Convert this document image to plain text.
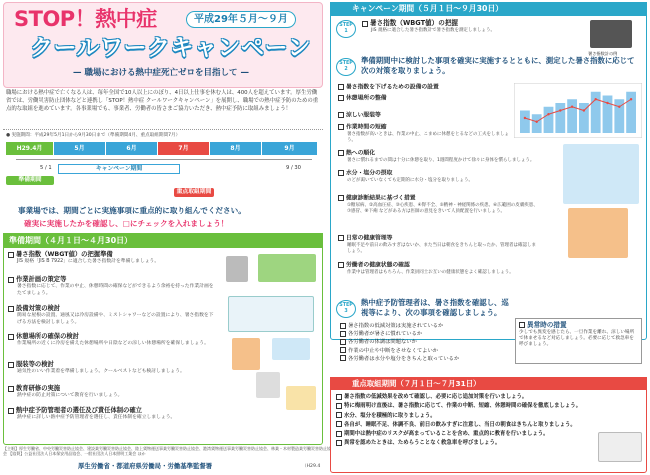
STOP！熱中症	平成29年５月〜９月
クールワークキャンペーン
— 職場における熱中症死亡ゼロを目指して —
職場における熱中症で亡くなる人は、毎年全国で10人以上にのぼり、4日以上仕事を休む人は、400人を超えています。厚生労働省では、労働災害防止団体などと連携し「STOP！熱中症 クールワークキャンペーン」を展開し、職場での熱中症予防のための重点的な取組を進めています。各事業場でも、事業者、労働者の皆さまご協力いただき、熱中症予防に取組みましょう！
● 実施期間：平成29年5月1日から9月30日まで（準備期間4月、重点取組期間7月）
H29.4月	5月	6月	7月	8月	9月
5 / 1	キャンペーン期間	9 / 30
準備期間
重点取組期間
事業場では、期間ごとに実施事項に重点的に取り組んでください。
確実に実施したかを確認し、□にチェックを入れましょう！
準備期間（４月１日〜４月30日）
暑さ指数（WBGT値）の把握準備
JIS 規格「JIS B 7922」に適合した暑さ指数計を準備しましょう。
作業計画の策定等
暑さ指数に応じて、作業の中止、休憩時間の確保などができるよう余裕を持った作業計画をたてましょう。
設備対策の検討
簡易な屋根の設置、通風又は冷房設備や、ミストシャワーなどの設置により、暑さ指数を下げる方法を検討しましょう。
休憩場所の確保の検討
作業場所の近くに冷房を備えた休憩場所や日陰などの涼しい休憩場所を確保しましょう。
服装等の検討
通気性のいい作業着を準備しましょう。クールベストなども検討しましょう。
教育研修の実施
熱中症の防止対策について教育を行いましょう。
熱中症予防管理者の選任及び責任体制の確立
熱中症に詳しい熱中症予防管理者を選任し、責任体制を確立しましょう。
【主唱】厚生労働省、中央労働災害防止協会、建設業労働災害防止協会、陸上貨物運送事業労働災害防止協会、港湾貨物運送事業労働災害防止協会、林業・木材製造業労働災害防止協会 【協賛】公益社団法人日本保安用品協会、一般社団法人日本照明工業会 ほか
厚生労働省・都道府県労働局・労働基準監督署	（H29.4
キャンペーン期間（５月１日〜９月30日）
STEP 1
暑さ指数（WBGT値）の把握
JIS 規格に適合した暑さ指数計で暑さ指数を測定しましょう。
暑さ指数計の例
STEP 2
準備期間中に検討した事項を確実に実施するとともに、測定した暑さ指数に応じて次の対策を取りましょう。
暑さ指数を下げるための設備の設置
休憩場所の整備
涼しい服装等
作業時間の短縮
暑さ指数が高いときは、作業の中止、こまめに休憩をとるなどの工夫をしましょう。
熱への順化
暑さに慣れるまでの間は十分に休憩を取り、1週間程度かけて徐々に身体を慣らしましょう。
水分・塩分の摂取
のどが渇いていなくても定期的に水分・塩分を取りましょう。
健康診断結果に基づく措置
①糖尿病、②高血圧症、③心疾患、④腎不全、⑤精神・神経関係の疾患、⑥広範囲の皮膚疾患、⑦感冒、⑧下痢 などがある方は医師の意見をきいて人員配置を行いましょう。
日常の健康管理等
睡眠不足や前日の飲みすぎはないか、また当日は朝食をきちんと取ったか、管理者は確認しましょう。
労働者の健康状態の確認
作業中は管理者はもちろん、作業員同士お互いの健康状態をよく確認しましょう。
STEP 3
熱中症予防管理者は、暑さ指数を確認し、巡視等により、次の事項を確認しましょう。
暑さ指数の低減対策は実施されているか
各労働者が暑さに慣れているか
各労働者の体調は問題ないか
作業の中止や中断をさせなくてよいか
各労働者は水分や塩分をきちんと取っているか
異常時の措置
少しでも異変を感じたら、一旦作業を離れ、涼しい場所で休ませるなど対応しましょう。必要に応じて救急車を呼びましょう。
重点取組期間（７月１日〜７月31日）
暑さ指数の低減効果を改めて確認し、必要に応じ追加対策を行いましょう。
特に梅雨明け直後は、暑さ指数に応じて、作業の中断、短縮、休憩時間の確保を徹底しましょう。
水分、塩分を積極的に取りましょう。
各自が、睡眠不足、体調不良、前日の飲みすぎに注意し、当日の朝食はきちんと取りましょう。
期間中は熱中症のリスクが高まっていることを含め、重点的に教育を行いましょう。
異常を認めたときは、ためらうことなく救急車を呼びましょう。
